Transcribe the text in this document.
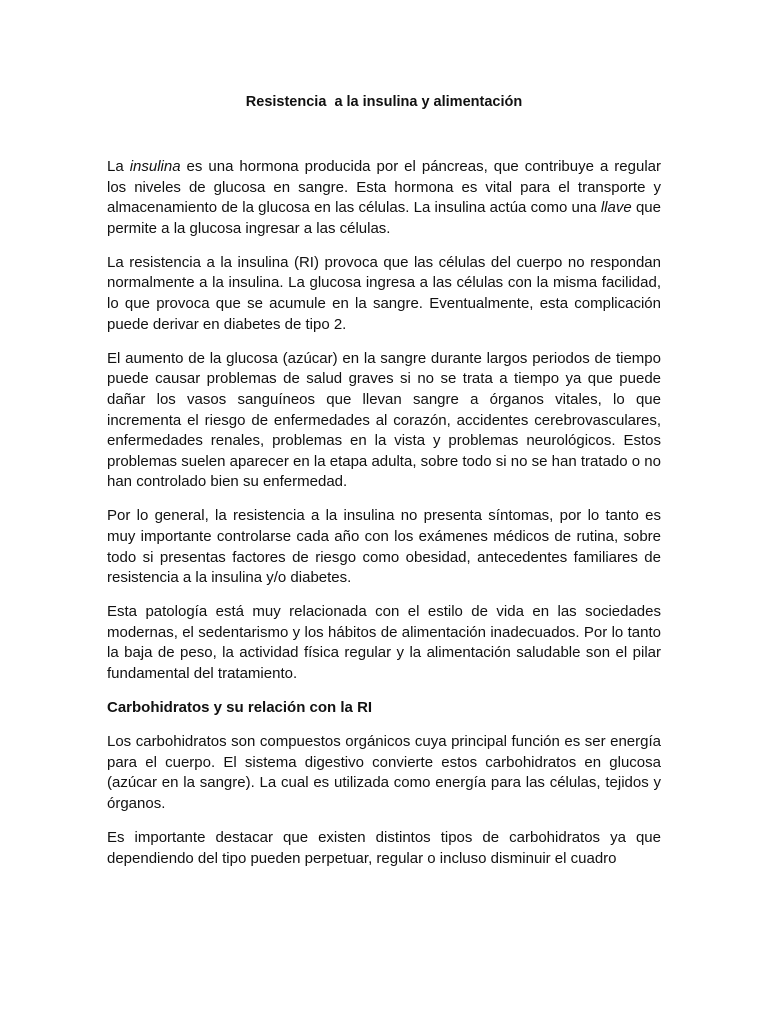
Resistencia  a la insulina y alimentación

La insulina es una hormona producida por el páncreas, que contribuye a regular los niveles de glucosa en sangre. Esta hormona es vital para el transporte y almacenamiento de la glucosa en las células. La insulina actúa como una llave que permite a la glucosa ingresar a las células.

La resistencia a la insulina (RI) provoca que las células del cuerpo no respondan normalmente a la insulina. La glucosa ingresa a las células con la misma facilidad, lo que provoca que se acumule en la sangre. Eventualmente, esta complicación puede derivar en diabetes de tipo 2.

El aumento de la glucosa (azúcar) en la sangre durante largos periodos de tiempo puede causar problemas de salud graves si no se trata a tiempo ya que puede dañar los vasos sanguíneos que llevan sangre a órganos vitales, lo que incrementa el riesgo de enfermedades al corazón, accidentes cerebrovasculares, enfermedades renales, problemas en la vista y problemas neurológicos. Estos problemas suelen aparecer en la etapa adulta, sobre todo si no se han tratado o no han controlado bien su enfermedad.

Por lo general, la resistencia a la insulina no presenta síntomas, por lo tanto es muy importante controlarse cada año con los exámenes médicos de rutina, sobre todo si presentas factores de riesgo como obesidad, antecedentes familiares de resistencia a la insulina y/o diabetes.

Esta patología está muy relacionada con el estilo de vida en las sociedades modernas, el sedentarismo y los hábitos de alimentación inadecuados. Por lo tanto la baja de peso, la actividad física regular y la alimentación saludable son el pilar fundamental del tratamiento.

Carbohidratos y su relación con la RI

Los carbohidratos son compuestos orgánicos cuya principal función es ser energía para el cuerpo. El sistema digestivo convierte estos carbohidratos en glucosa (azúcar en la sangre). La cual es utilizada como energía para las células, tejidos y órganos.

Es importante destacar que existen distintos tipos de carbohidratos ya que dependiendo del tipo pueden perpetuar, regular o incluso disminuir el cuadro
